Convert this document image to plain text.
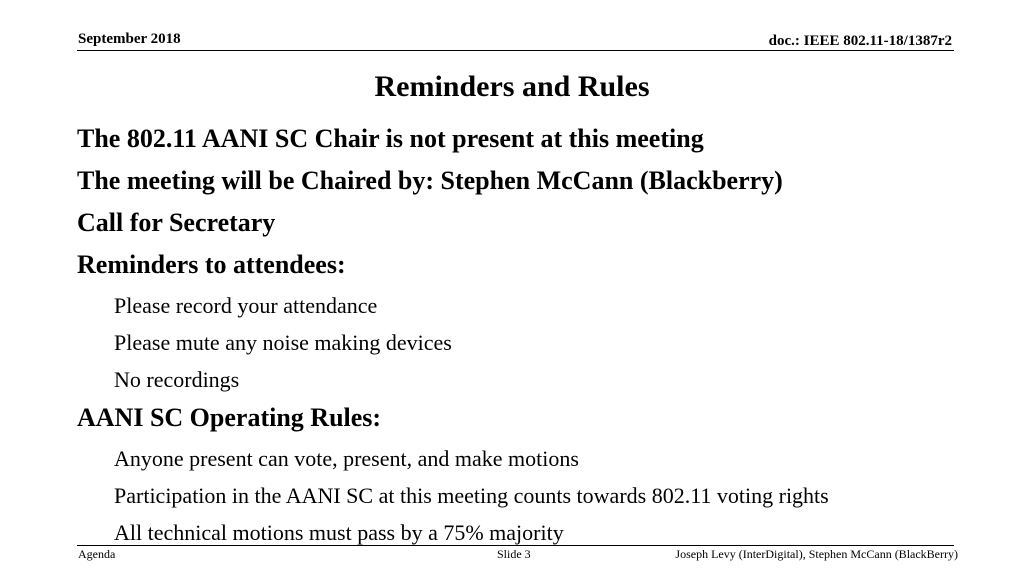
September 2018	doc.: IEEE 802.11-18/1387r2
Reminders and Rules
The 802.11 AANI SC Chair is not present at this meeting
The meeting will be Chaired by: Stephen McCann (Blackberry)
Call for Secretary
Reminders to attendees:
Please record your attendance
Please mute any noise making devices
No recordings
AANI SC Operating Rules:
Anyone present can vote, present, and make motions
Participation in the AANI SC at this meeting counts towards 802.11 voting rights
All technical motions must pass by a 75% majority
Agenda	Slide 3	Joseph Levy (InterDigital), Stephen McCann (BlackBerry)
